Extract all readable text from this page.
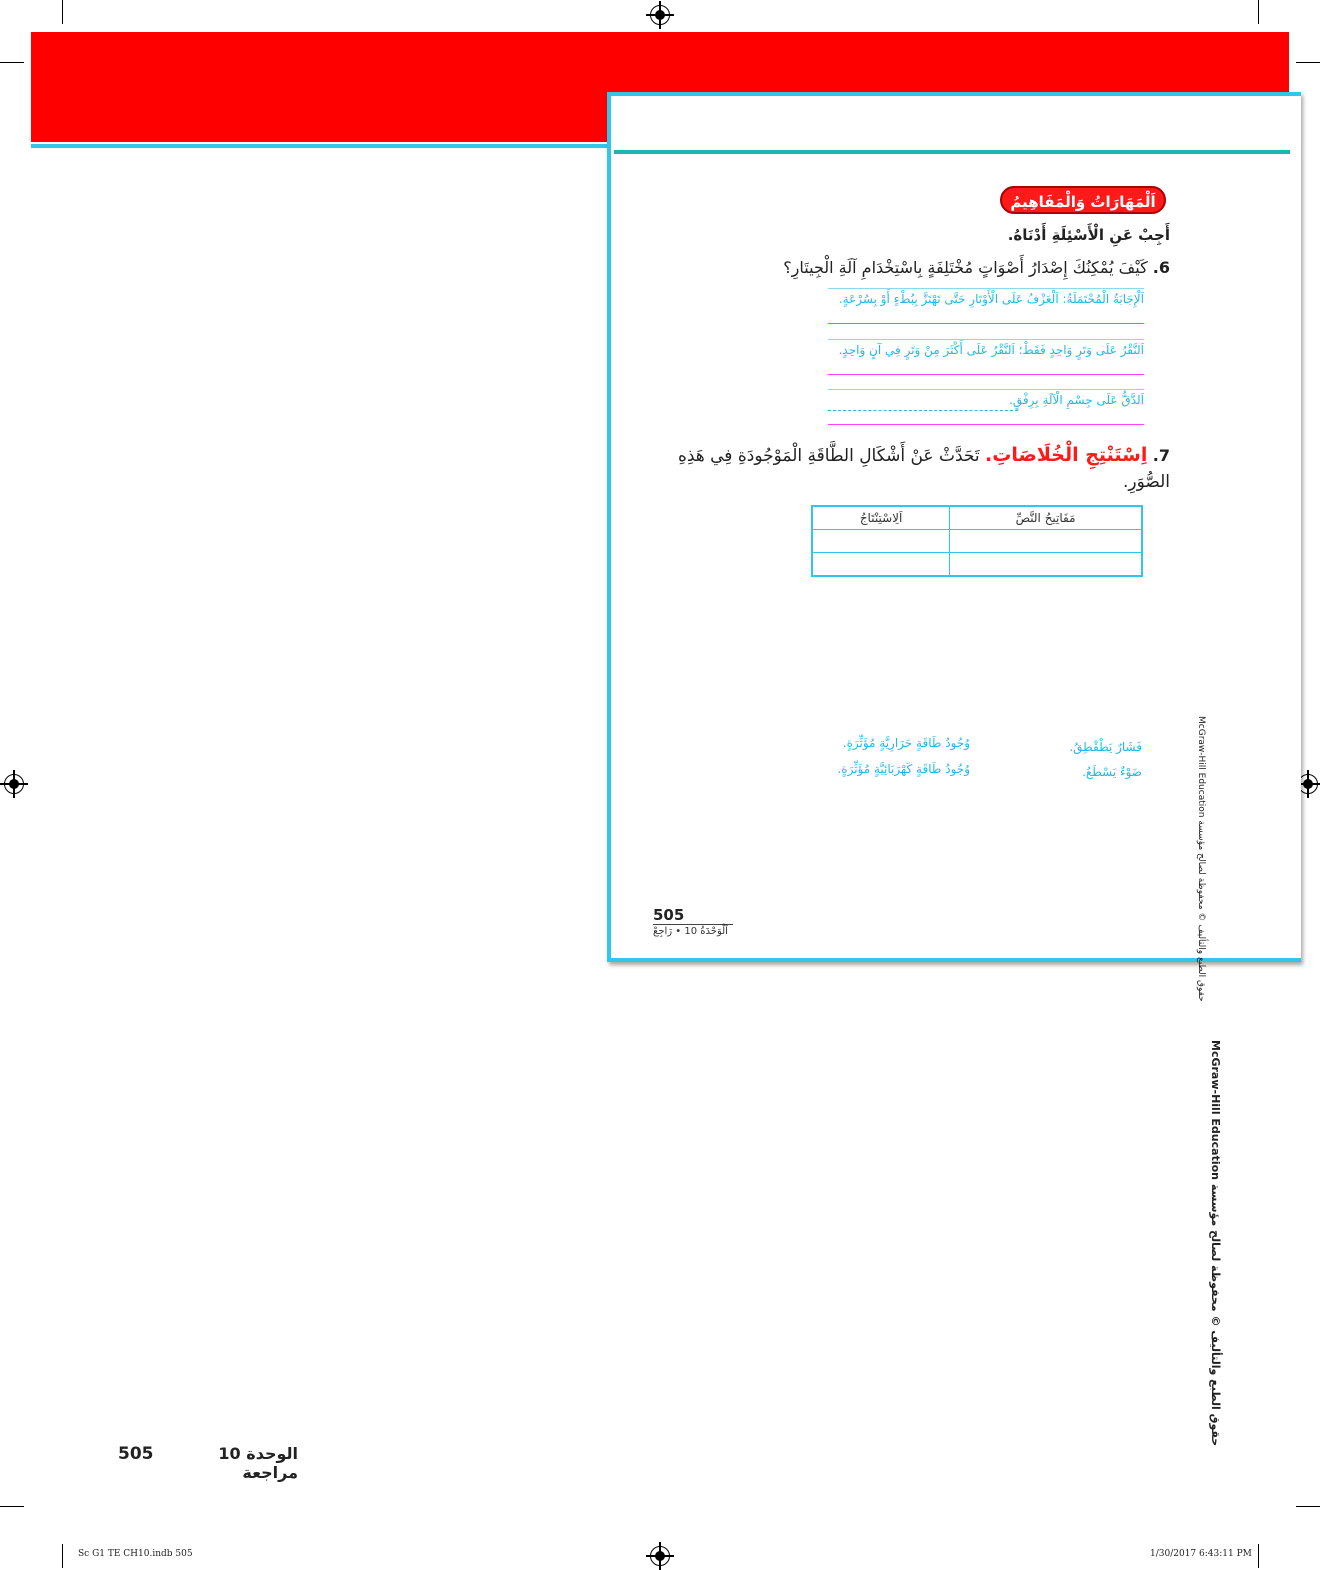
اَلْمَهَارَاتُ وَالْمَفَاهِيمُ
أَجِبْ عَنِ الْأَسْئِلَةِ أَدْنَاهُ.
6. كَيْفَ يُمْكِنُكَ إِصْدَارُ أَصْوَاتٍ مُخْتَلِفَةٍ بِاسْتِخْدَامِ آلَةِ الْجِيتَارِ؟
اَلْإِجَابَةُ الْمُحْتَمَلَةُ: اَلْعَزْفُ عَلَى الْأَوْتَارِ حَتَّى تَهْتَزَّ بِبُطْءٍ أَوْ بِسُرْعَةٍ.
اَلنَّقْرُ عَلَى وَتَرٍ وَاحِدٍ فَقَطْ؛ اَلنَّقْرُ عَلَى أَكْثَرَ مِنْ وَتَرٍ فِي آنٍ وَاحِدٍ.
اَلدَّقُّ عَلَى جِسْمِ الْآلَةِ بِرِفْقٍ.
7. اِسْتَنْتِجِ الْخُلَاصَاتِ. تَحَدَّثْ عَنْ أَشْكَالِ الطَّاقَةِ الْمَوْجُودَةِ فِي هَذِهِ الصُّوَرِ.
اَلِاسْتِنْتَاجُ	مَفَاتِيحُ النَّصِّ

وُجُودُ طَاقَةٍ حَرَارِيَّةٍ مُؤَثِّرَةٍ.	فَشَارٌ يَطْقْطِقُ.
وُجُودُ طَاقَةٍ كَهْرَبَائِيَّةٍ مُؤَثِّرَةٍ.	ضَوْءٌ يَسْطَعُ.	حقوق الطبع والتأليف © محفوظة لصالح مؤسسة McGraw-Hill Education
505
اَلْوَحْدَةُ 10 • رَاجِعْ
حقوق الطبع والتأليف © محفوظة لصالح مؤسسة McGraw-Hill Education
505	الوحدة 10 مراجعة
Sc G1 TE CH10.indb 505	1/30/2017 6:43:11 PM
